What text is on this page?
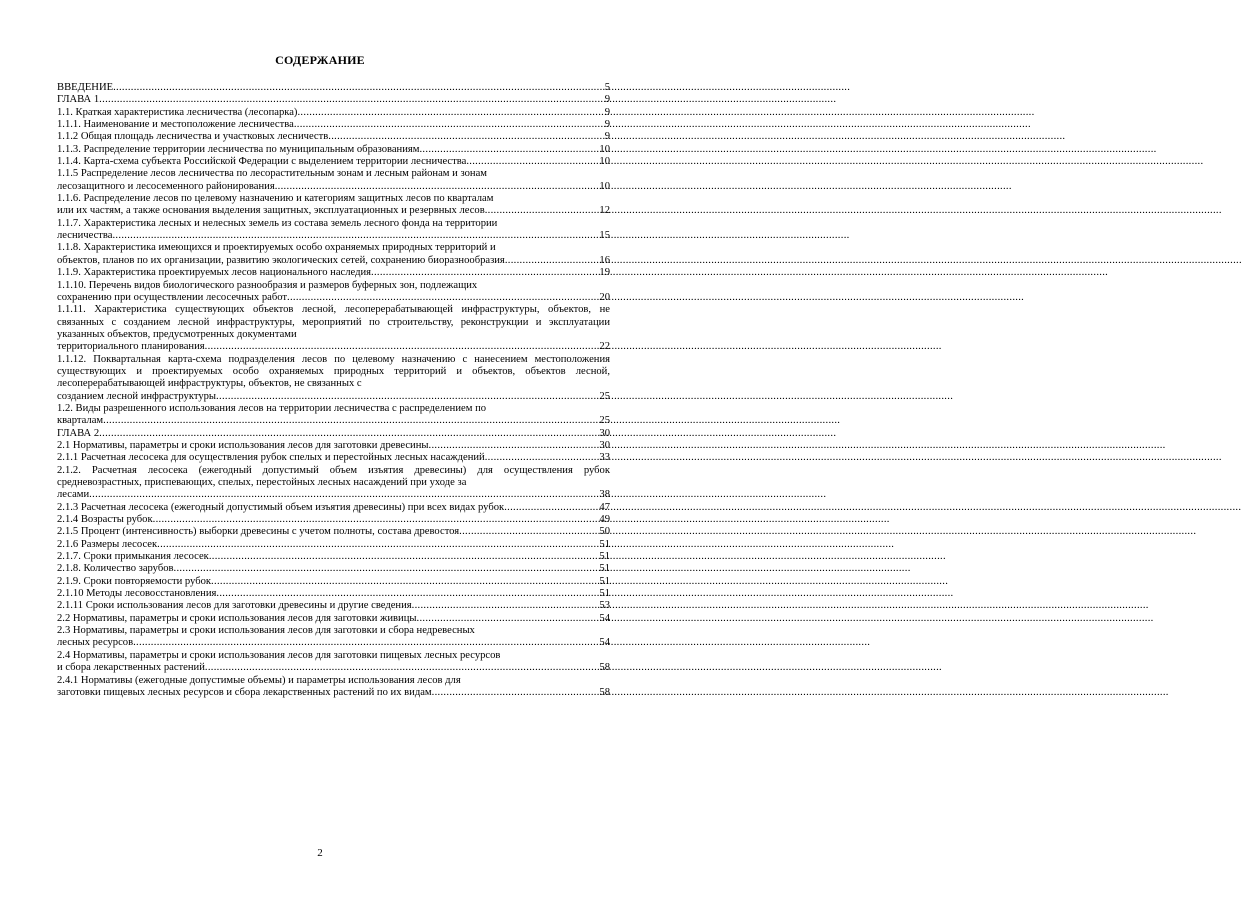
СОДЕРЖАНИЕ
ВВЕДЕНИЕ .....	5
ГЛАВА 1 .....	9
1.1. Краткая характеристика лесничества (лесопарка) .....	9
1.1.1. Наименование и местоположение лесничества .....	9
1.1.2 Общая площадь лесничества и участковых лесничеств .....	9
1.1.3. Распределение территории лесничества по муниципальным образованиям .....	10
1.1.4. Карта-схема субъекта Российской Федерации с выделением территории лесничества .....	10
1.1.5 Распределение лесов лесничества по лесорастительным зонам и лесным районам и зонам
лесозащитного и лесосеменного районирования .....	10
1.1.6. Распределение лесов по целевому назначению и категориям защитных лесов по кварталам
или их частям, а также основания выделения защитных, эксплуатационных и резервных лесов .....	12
1.1.7. Характеристика лесных и нелесных земель из состава земель лесного фонда на территории
лесничества .....	15
1.1.8. Характеристика имеющихся и проектируемых особо охраняемых природных территорий и
объектов, планов по их организации, развитию экологических сетей, сохранению биоразнообразия .....	16
1.1.9. Характеристика проектируемых лесов национального наследия .....	19
1.1.10. Перечень видов биологического разнообразия и размеров буферных зон, подлежащих
сохранению при осуществлении лесосечных работ .....	20
1.1.11. Характеристика существующих объектов лесной, лесоперерабатывающей инфраструктуры, объектов, не связанных с созданием лесной инфраструктуры, мероприятий по строительству, реконструкции и эксплуатации указанных объектов, предусмотренных документами
территориального планирования .....	22
1.1.12. Поквартальная карта-схема подразделения лесов по целевому назначению с нанесением местоположения существующих и проектируемых особо охраняемых природных территорий и объектов, объектов лесной, лесоперерабатывающей инфраструктуры, объектов, не связанных с
созданием лесной инфраструктуры .....	25
1.2. Виды разрешенного использования лесов на территории лесничества с распределением по
кварталам .....	25
ГЛАВА 2 .....	30
2.1 Нормативы, параметры и сроки использования лесов для заготовки древесины .....	30
2.1.1 Расчетная лесосека для осуществления рубок спелых и перестойных лесных насаждений .....	33
2.1.2. Расчетная лесосека (ежегодный допустимый объем изъятия древесины) для осуществления рубок средневозрастных, приспевающих, спелых, перестойных лесных насаждений при уходе за
лесами .....	38
2.1.3 Расчетная лесосека (ежегодный допустимый объем изъятия древесины) при всех видах рубок .....	47
2.1.4 Возрасты рубок .....	49
2.1.5 Процент (интенсивность) выборки древесины с учетом полноты, состава древостоя .....	50
2.1.6 Размеры лесосек .....	51
2.1.7. Сроки примыкания лесосек .....	51
2.1.8. Количество зарубов .....	51
2.1.9. Сроки повторяемости рубок .....	51
2.1.10 Методы лесовосстановления .....	51
2.1.11 Сроки использования лесов для заготовки древесины и другие сведения .....	53
2.2 Нормативы, параметры и сроки использования лесов для заготовки живицы .....	54
2.3 Нормативы, параметры и сроки использования лесов для заготовки и сбора недревесных
лесных ресурсов .....	54
2.4 Нормативы, параметры и сроки использования лесов для заготовки пищевых лесных ресурсов
и сбора лекарственных растений .....	58
2.4.1 Нормативы (ежегодные допустимые объемы) и параметры использования лесов для
заготовки пищевых лесных ресурсов и сбора лекарственных растений по их видам .....	58
2
